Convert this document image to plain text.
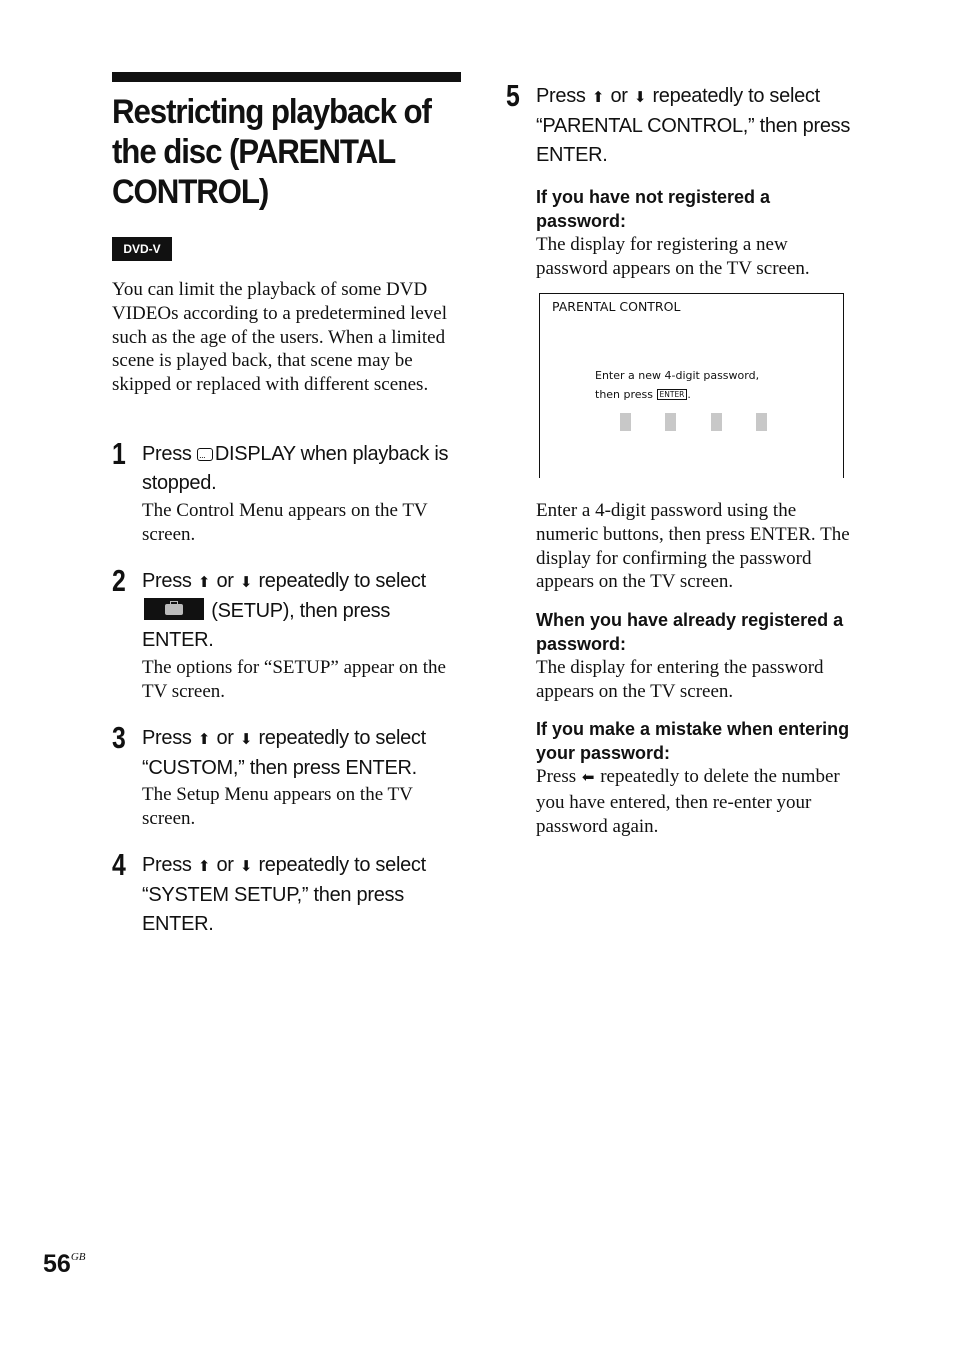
Restricting playback of the disc (PARENTAL CONTROL)
DVD-V

You can limit the playback of some DVD VIDEOs according to a predetermined level such as the age of the users. When a limited scene is played back, that scene may be skipped or replaced with different scenes.

1 Press ··· DISPLAY when playback is stopped.

The Control Menu appears on the TV screen.

2 Press ⬆ or ⬇ repeatedly to select
(SETUP), then press ENTER.

The options for “SETUP” appear on the TV screen.

3 Press ⬆ or ⬇ repeatedly to select “CUSTOM,” then press ENTER.

The Setup Menu appears on the TV screen.

4 Press ⬆ or ⬇ repeatedly to select “SYSTEM SETUP,” then press ENTER.

5 Press ⬆ or ⬇ repeatedly to select “PARENTAL CONTROL,” then press ENTER.

If you have not registered a password:
The display for registering a new password appears on the TV screen.
PARENTAL CONTROL
Enter a new 4-digit password,
then press ENTER .
Enter a 4-digit password using the numeric buttons, then press ENTER. The display for confirming the password appears on the TV screen.
When you have already registered a password:
The display for entering the password appears on the TV screen.
If you make a mistake when entering your password:
Press ⬅ repeatedly to delete the number you have entered, then re-enter your password again.
$56^{GB}$
